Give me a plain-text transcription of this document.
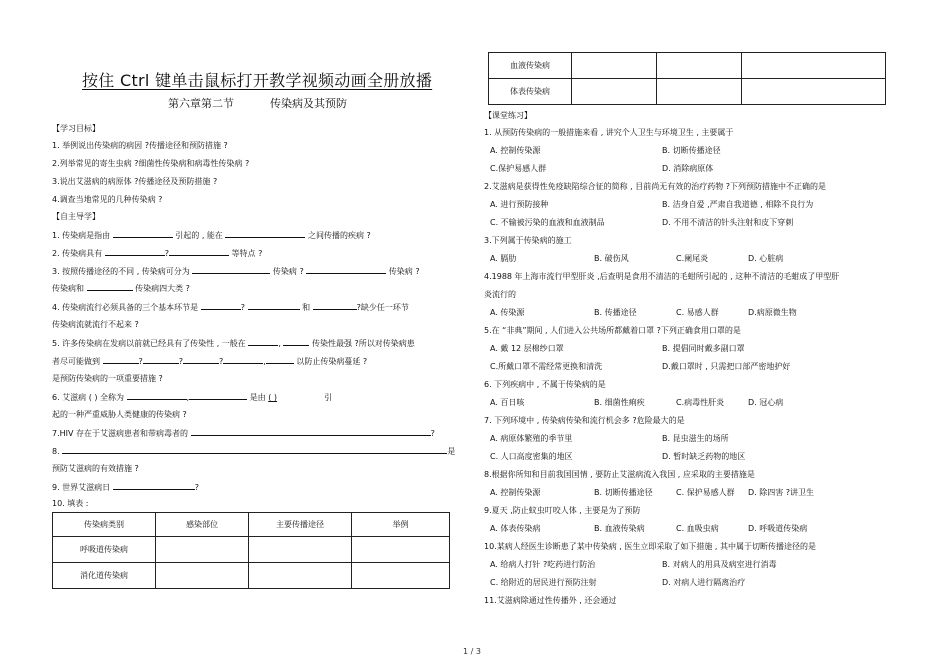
按住 Ctrl 键单击鼠标打开教学视频动画全册放播
第六章第二节	传染病及其预防
【学习目标】
1. 举例说出传染病的病因 ?传播途径和预防措施 ?
2.列举常见的寄生虫病 ?细菌性传染病和病毒性传染病 ?
3.说出艾滋病的病原体 ?传播途径及预防措施 ?
4.调查当地常见的几种传染病 ?
【自主导学】
1. 传染病是指由	引起的 , 能在	之间传播的疾病 ?
2. 传染病具有	?	等特点 ?
3. 按照传播途径的不同 , 传染病可分为	传染病 ?	传染病 ?
传染病和	传染病四大类 ?
4. 传染病流行必须具备的三个基本环节是	?	和	?缺少任一环节
传染病流就流行不起来 ?
5. 许多传染病在发病以前就已经具有了传染性 , 一般在	,	传染性最强 ?所以对传染病患
者尽可能做到	?	?	?	,	以防止传染病蔓延 ?
是预防传染病的一项重要措施 ?
6. 艾滋病 ( ) 全称为	,	是由 ( )	引
起的一种严重威胁人类健康的传染病 ?
7.HIV 存在于艾滋病患者和带病毒者的	?
8.	是
预防艾滋病的有效措施 ?
9. 世界艾滋病日	?
10. 填表 :
传染病类别	感染部位	主要传播途径	举例
呼吸道传染病			
消化道传染病			
血液传染病			
体表传染病			
【课堂练习】
1. 从预防传染病的一般措施来看 , 讲究个人卫生与环境卫生 , 主要属于
A. 控制传染源	B. 切断传播途径
C.保护易感人群	D. 消除病原体
2.艾滋病是获得性免疫缺陷综合征的简称 , 目前尚无有效的治疗药物 ?下列预防措施中不正确的是
A. 进行预防接种	B. 洁身自爱 ,严肃自我道德 , 相除不良行为
C. 不输被污染的血液和血液制品	D. 不用不清洁的针头注射和皮下穿刺
3.下列属于传染病的施工
A. 膈肋	B. 破伤风	C.阑尾炎	D. 心脏病
4.1988 年上海市流行甲型肝炎 ,后查明是食用不清洁的毛蚶所引起的 , 这种不清洁的毛蚶成了甲型肝
炎流行的
A. 传染源	B. 传播途径	C. 易感人群	D.病原微生物
5.在 “非典”期间 , 人们进入公共场所都戴着口罩 ?下列正确食用口罩的是
A. 戴 12 层棉纱口罩	B. 提倡同时戴多副口罩
C.所戴口罩不需经常更换和清洗	D.戴口罩时 , 只需把口部严密地护好
6. 下列疾病中 , 不属于传染病的是
A. 百日咳	B. 细菌性痢疾	C.病毒性肝炎	D. 冠心病
7. 下列环境中 , 传染病传染和流行机会多 ?危险最大的是
A. 病原体繁殖的季节里	B. 昆虫滋生的场所
C. 人口高度密集的地区	D. 暂时缺乏药物的地区
8.根据你所知和目前我国国情 , 要防止艾滋病流入我国 , 应采取的主要措施是
A. 控制传染源	B. 切断传播途径	C. 保护易感人群 D. 除四害 ?讲卫生
9.夏天 ,防止蚊虫叮咬人体 , 主要是为了预防
A. 体表传染病	B. 血液传染病	C. 血吸虫病	D. 呼吸道传染病
10.某病人经医生诊断患了某中传染病 , 医生立即采取了如下措施 , 其中属于切断传播途径的是
A. 给病人打针 ?吃药进行防治	B. 对病人的用具及病室进行消毒
C. 给附近的居民进行预防注射	D. 对病人进行隔离治疗
11.艾滋病除通过性传播外 , 还会通过
1 / 3
